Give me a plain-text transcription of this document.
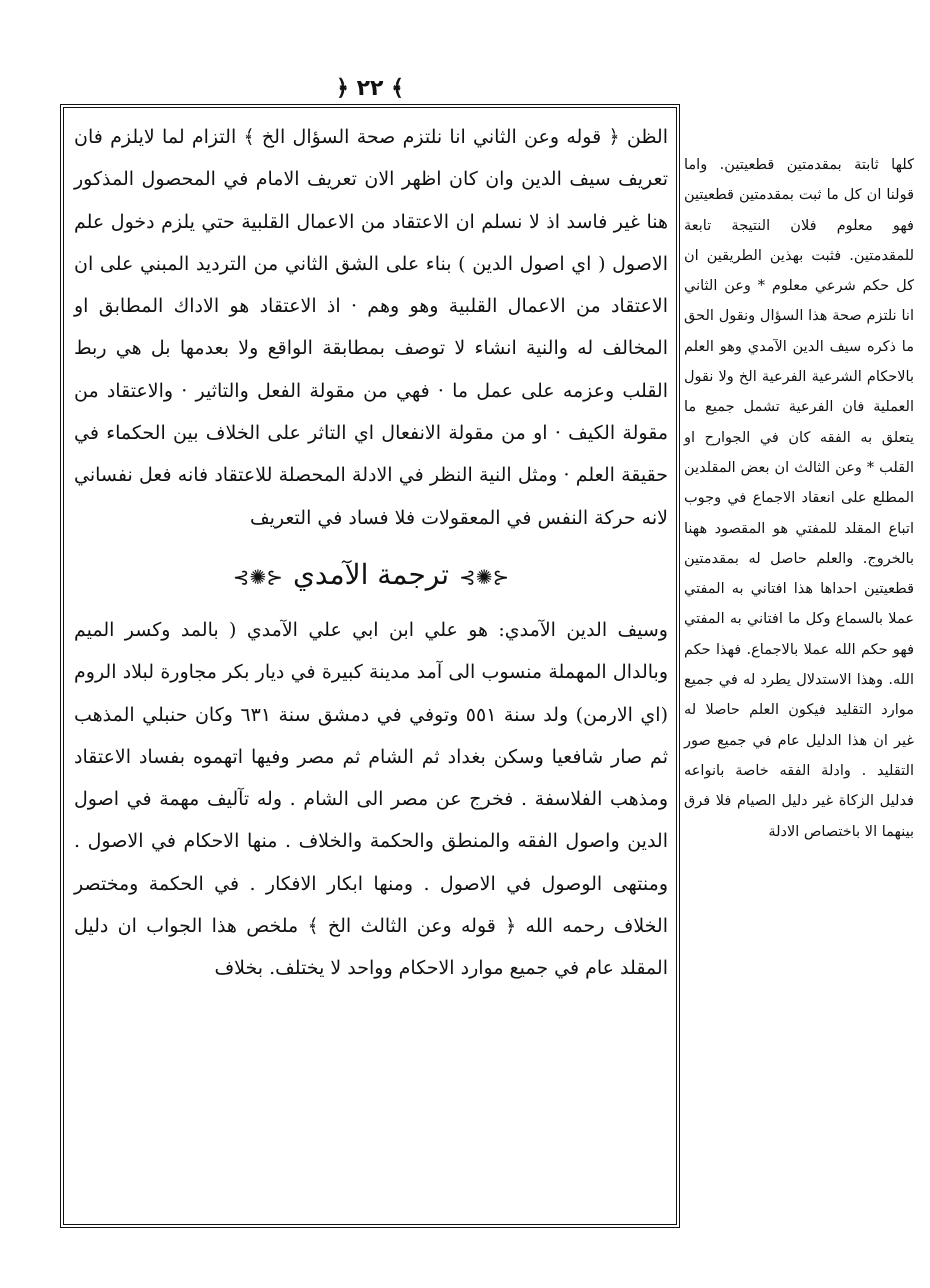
﴾ ٢٢ ﴿

الظن ﴿ قوله وعن الثاني انا نلتزم صحة السؤال الخ ﴾ التزام لما لايلزم فان تعريف سيف الدين وان كان اظهر الان تعريف الامام في المحصول المذكور هنا غير فاسد اذ لا نسلم ان الاعتقاد من الاعمال القلبية حتي يلزم دخول علم الاصول ( اي اصول الدين ) بناء على الشق الثاني من الترديد المبني على ان الاعتقاد من الاعمال القلبية وهو وهم · اذ الاعتقاد هو الاداك المطابق او المخالف له والنية انشاء لا توصف بمطابقة الواقع ولا بعدمها بل هي ربط القلب وعزمه على عمل ما · فهي من مقولة الفعل والتاثير · والاعتقاد من مقولة الكيف · او من مقولة الانفعال اي التاثر على الخلاف بين الحكماء في حقيقة العلم · ومثل النية النظر في الادلة المحصلة للاعتقاد فانه فعل نفساني لانه حركة النفس في المعقولات فلا فساد في التعريف

⊰✺⊱ترجمة الآمدي⊰✺⊱

وسيف الدين الآمدي: هو علي ابن ابي علي الآمدي ( بالمد وكسر الميم وبالدال المهملة منسوب الى آمد مدينة كبيرة في ديار بكر مجاورة لبلاد الروم (اي الارمن) ولد سنة ٥٥١ وتوفي في دمشق سنة ٦٣١ وكان حنبلي المذهب ثم صار شافعيا وسكن بغداد ثم الشام ثم مصر وفيها اتهموه بفساد الاعتقاد ومذهب الفلاسفة . فخرج عن مصر الى الشام . وله تآليف مهمة في اصول الدين واصول الفقه والمنطق والحكمة والخلاف . منها الاحكام في الاصول . ومنتهى الوصول في الاصول . ومنها ابكار الافكار . في الحكمة ومختصر الخلاف رحمه الله ﴿ قوله وعن الثالث الخ ﴾ ملخص هذا الجواب ان دليل المقلد عام في جميع موارد الاحكام وواحد لا يختلف. بخلاف

كلها ثابتة بمقدمتين قطعيتين. واما قولنا ان كل ما ثبت بمقدمتين قطعيتين فهو معلوم فلان النتيجة تابعة للمقدمتين. فثبت بهذين الطريقين ان كل حكم شرعي معلوم * وعن الثاني انا نلتزم صحة هذا السؤال ونقول الحق ما ذكره سيف الدين الآمدي وهو العلم بالاحكام الشرعية الفرعية الخ ولا نقول العملية فان الفرعية تشمل جميع ما يتعلق به الفقه كان في الجوارح او القلب * وعن الثالث ان بعض المقلدين المطلع على انعقاد الاجماع في وجوب اتباع المقلد للمفتي هو المقصود ههنا بالخروج. والعلم حاصل له بمقدمتين قطعيتين احداها هذا افتاني به المفتي عملا بالسماع وكل ما افتاني به المفتي فهو حكم الله عملا بالاجماع. فهذا حكم الله. وهذا الاستدلال يطرد له في جميع موارد التقليد فيكون العلم حاصلا له غير ان هذا الدليل عام في جميع صور التقليد . وادلة الفقه خاصة بانواعه فدليل الزكاة غير دليل الصيام فلا فرق بينهما الا باختصاص الادلة
